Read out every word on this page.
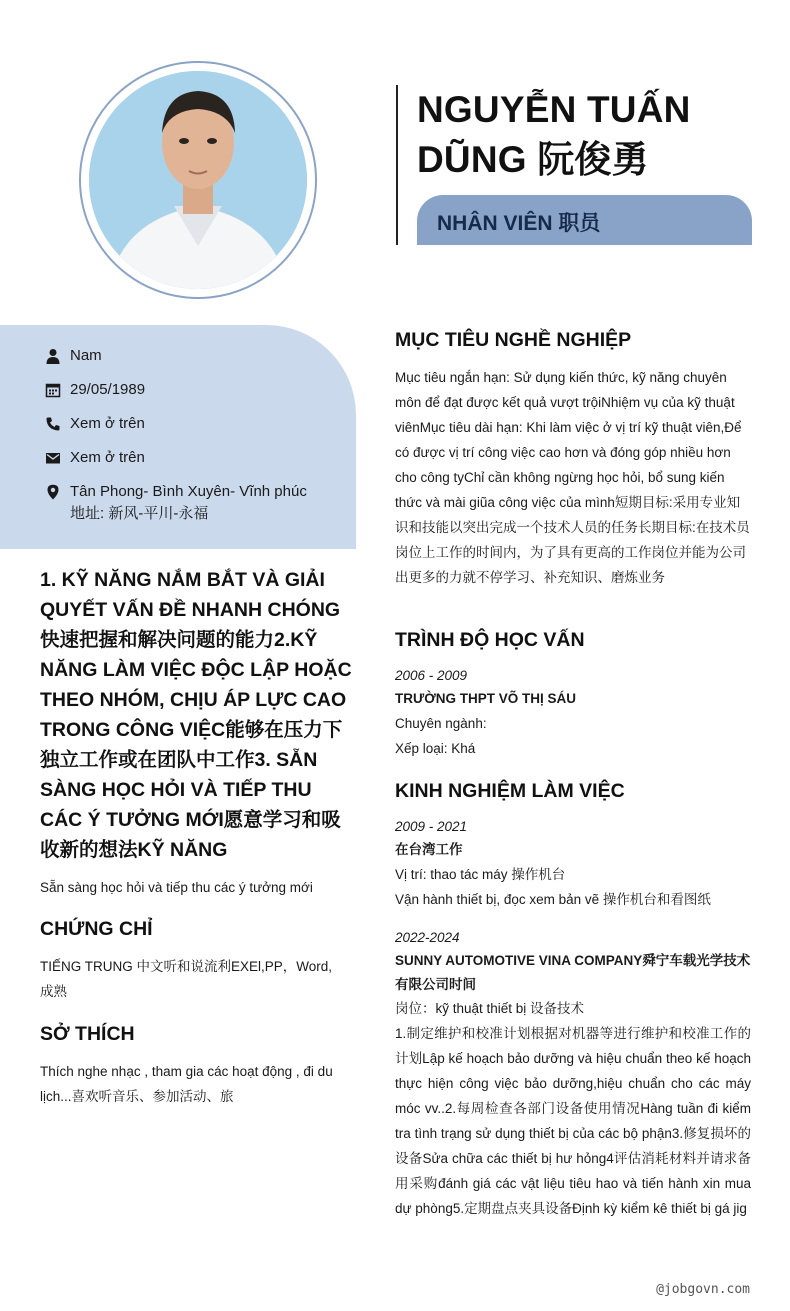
NGUYỄN TUẤN DŨNG 阮俊勇
NHÂN VIÊN 职员
Nam
29/05/1989
Xem ở trên
Xem ở trên
Tân Phong- Bình Xuyên- Vĩnh phúc 地址: 新风-平川-永福
1. KỸ NĂNG NẮM BẮT VÀ GIẢI QUYẾT VẤN ĐỀ NHANH CHÓNG快速把握和解决问题的能力2.KỸ NĂNG LÀM VIỆC ĐỘC LẬP HOẶC THEO NHÓM, CHỊU ÁP LỰC CAO TRONG CÔNG VIỆC能够在压力下独立工作或在团队中工作3. SẴN SÀNG HỌC HỎI VÀ TIẾP THU CÁC Ý TƯỞNG MỚI愿意学习和吸收新的想法KỸ NĂNG
Sẵn sàng học hỏi và tiếp thu các ý tưởng mới
CHỨNG CHỈ
TIẾNG TRUNG 中文听和说流利EXEl,PP，Word,成熟
SỞ THÍCH
Thích nghe nhạc , tham gia các hoạt động , đi du lịch...喜欢听音乐、参加活动、旅
MỤC TIÊU NGHỀ NGHIỆP
Mục tiêu ngắn hạn: Sử dụng kiến thức, kỹ năng chuyên môn để đạt được kết quả vượt trộiNhiệm vụ của kỹ thuật viênMục tiêu dài hạn: Khi làm việc ở vị trí kỹ thuật viên,Để có được vị trí công việc cao hơn và đóng góp nhiều hơn cho công tyChỉ cần không ngừng học hỏi, bổ sung kiến thức và mài giũa công việc của mình短期目标:采用专业知识和技能以突出完成一个技术人员的任务长期目标:在技术员岗位上工作的时间内，为了具有更高的工作岗位并能为公司出更多的力就不停学习、补充知识、磨炼业务
TRÌNH ĐỘ HỌC VẤN
2006 - 2009
TRƯỜNG THPT VÕ THỊ SÁU
Chuyên ngành:
Xếp loại: Khá
KINH NGHIỆM LÀM VIỆC
2009 - 2021
在台湾工作
Vị trí: thao tác máy 操作机台
Vận hành thiết bị, đọc xem bản vẽ 操作机台和看图纸
2022-2024
SUNNY AUTOMOTIVE VINA COMPANY舜宁车载光学技术有限公司时间
岗位：kỹ thuật thiết bị 设备技术
1.制定维护和校准计划根据对机器等进行维护和校准工作的计划Lập kế hoạch bảo dưỡng và hiệu chuẩn theo kế hoạch thực hiện công việc bảo dưỡng,hiệu chuẩn cho các máy móc vv..2.每周检查各部门设备使用情况Hàng tuần đi kiểm tra tình trạng sử dụng thiết bị của các bộ phận3.修复损坏的设备Sửa chữa các thiết bị hư hỏng4评估消耗材料并请求备用采购đánh giá các vật liệu tiêu hao và tiến hành xin mua dự phòng5.定期盘点夹具设备Định kỳ kiểm kê thiết bị gá jig
@jobgovn.com
